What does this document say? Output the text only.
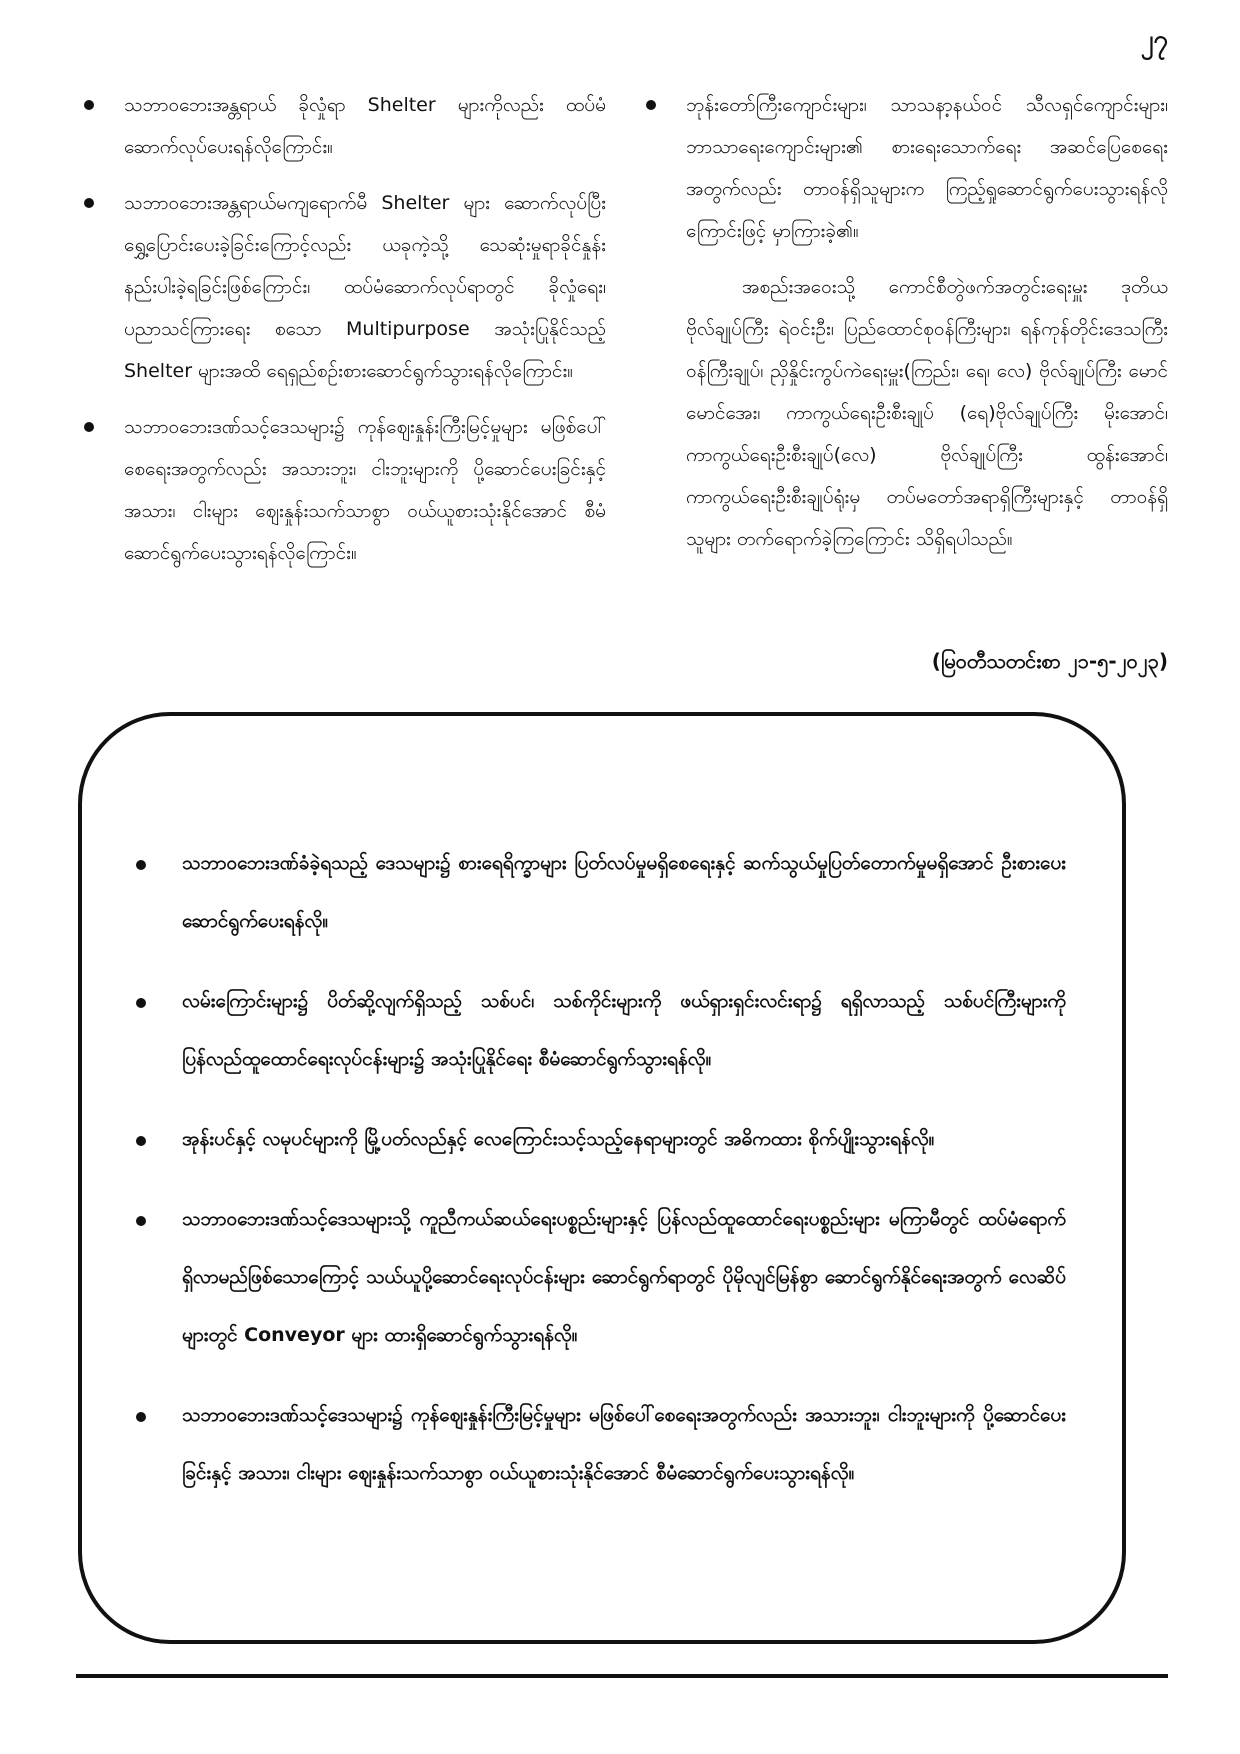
၂၇
သဘာဝဘေးအန္တရာယ် ခိုလှုံရာ Shelter များကိုလည်း ထပ်မံဆောက်လုပ်ပေးရန်လိုကြောင်း။
သဘာဝဘေးအန္တရာယ်မကျရောက်မီ Shelter များ ဆောက်လုပ်ပြီး ရွှေ့ပြောင်းပေးခဲ့ခြင်းကြောင့်လည်း ယခုကဲ့သို့ သေဆုံးမှုရာခိုင်နှုန်း နည်းပါးခဲ့ရခြင်းဖြစ်ကြောင်း၊ ထပ်မံဆောက်လုပ်ရာတွင် ခိုလှုံရေး၊ ပညာသင်ကြားရေး စသော Multipurpose အသုံးပြုနိုင်သည့် Shelter များအထိ ရေရှည်စဉ်းစားဆောင်ရွက်သွားရန်လိုကြောင်း။
သဘာဝဘေးဒဏ်သင့်ဒေသများ၌ ကုန်ဈေးနှုန်းကြီးမြင့်မှုများ မဖြစ်ပေါ်စေရေးအတွက်လည်း အသားဘူး၊ ငါးဘူးများကို ပို့ဆောင်ပေးခြင်းနှင့် အသား၊ ငါးများ ဈေးနှုန်းသက်သာစွာ ဝယ်ယူစားသုံးနိုင်အောင် စီမံဆောင်ရွက်ပေးသွားရန်လိုကြောင်း။
ဘုန်းတော်ကြီးကျောင်းများ၊ သာသနာ့နယ်ဝင် သီလရှင်ကျောင်းများ၊ ဘာသာရေးကျောင်းများ၏ စားရေးသောက်ရေး အဆင်ပြေစေရေးအတွက်လည်း တာဝန်ရှိသူများက ကြည့်ရှုဆောင်ရွက်ပေးသွားရန်လိုကြောင်းဖြင့် မှာကြားခဲ့၏။

အစည်းအဝေးသို့ ကောင်စီတွဲဖက်အတွင်းရေးမှူး ဒုတိယဗိုလ်ချုပ်ကြီး ရဲဝင်းဦး၊ ပြည်ထောင်စုဝန်ကြီးများ၊ ရန်ကုန်တိုင်းဒေသကြီးဝန်ကြီးချုပ်၊ ညှိနှိုင်းကွပ်ကဲရေးမှူး(ကြည်း၊ ရေ၊ လေ) ဗိုလ်ချုပ်ကြီး မောင်မောင်အေး၊ ကာကွယ်ရေးဦးစီးချုပ် (ရေ)ဗိုလ်ချုပ်ကြီး မိုးအောင်၊ ကာကွယ်ရေးဦးစီးချုပ်(လေ) ဗိုလ်ချုပ်ကြီး ထွန်းအောင်၊ ကာကွယ်ရေးဦးစီးချုပ်ရုံးမှ တပ်မတော်အရာရှိကြီးများနှင့် တာဝန်ရှိသူများ တက်ရောက်ခဲ့ကြကြောင်း သိရှိရပါသည်။

(မြဝတီသတင်းစာ ၂၁-၅-၂၀၂၃)
သဘာဝဘေးဒဏ်ခံခဲ့ရသည့် ဒေသများ၌ စားရေရိက္ခာများ ပြတ်လပ်မှုမရှိစေရေးနှင့် ဆက်သွယ်မှုပြတ်တောက်မှုမရှိအောင် ဦးစားပေးဆောင်ရွက်ပေးရန်လို။
လမ်းကြောင်းများ၌ ပိတ်ဆို့လျက်ရှိသည့် သစ်ပင်၊ သစ်ကိုင်းများကို ဖယ်ရှားရှင်းလင်းရာ၌ ရရှိလာသည့် သစ်ပင်ကြီးများကို ပြန်လည်ထူထောင်ရေးလုပ်ငန်းများ၌ အသုံးပြုနိုင်ရေး စီမံဆောင်ရွက်သွားရန်လို။
အုန်းပင်နှင့် လမုပင်များကို မြို့ပတ်လည်နှင့် လေကြောင်းသင့်သည့်နေရာများတွင် အဓိကထား စိုက်ပျိုးသွားရန်လို။
သဘာဝဘေးဒဏ်သင့်ဒေသများသို့ ကူညီကယ်ဆယ်ရေးပစ္စည်းများနှင့် ပြန်လည်ထူထောင်ရေးပစ္စည်းများ မကြာမီတွင် ထပ်မံရောက်ရှိလာမည်ဖြစ်သောကြောင့် သယ်ယူပို့ဆောင်ရေးလုပ်ငန်းများ ဆောင်ရွက်ရာတွင် ပိုမိုလျင်မြန်စွာ ဆောင်ရွက်နိုင်ရေးအတွက် လေဆိပ်များတွင် Conveyor များ ထားရှိဆောင်ရွက်သွားရန်လို။
သဘာဝဘေးဒဏ်သင့်ဒေသများ၌ ကုန်ဈေးနှုန်းကြီးမြင့်မှုများ မဖြစ်ပေါ်စေရေးအတွက်လည်း အသားဘူး၊ ငါးဘူးများကို ပို့ဆောင်ပေးခြင်းနှင့် အသား၊ ငါးများ ဈေးနှုန်းသက်သာစွာ ဝယ်ယူစားသုံးနိုင်အောင် စီမံဆောင်ရွက်ပေးသွားရန်လို။
